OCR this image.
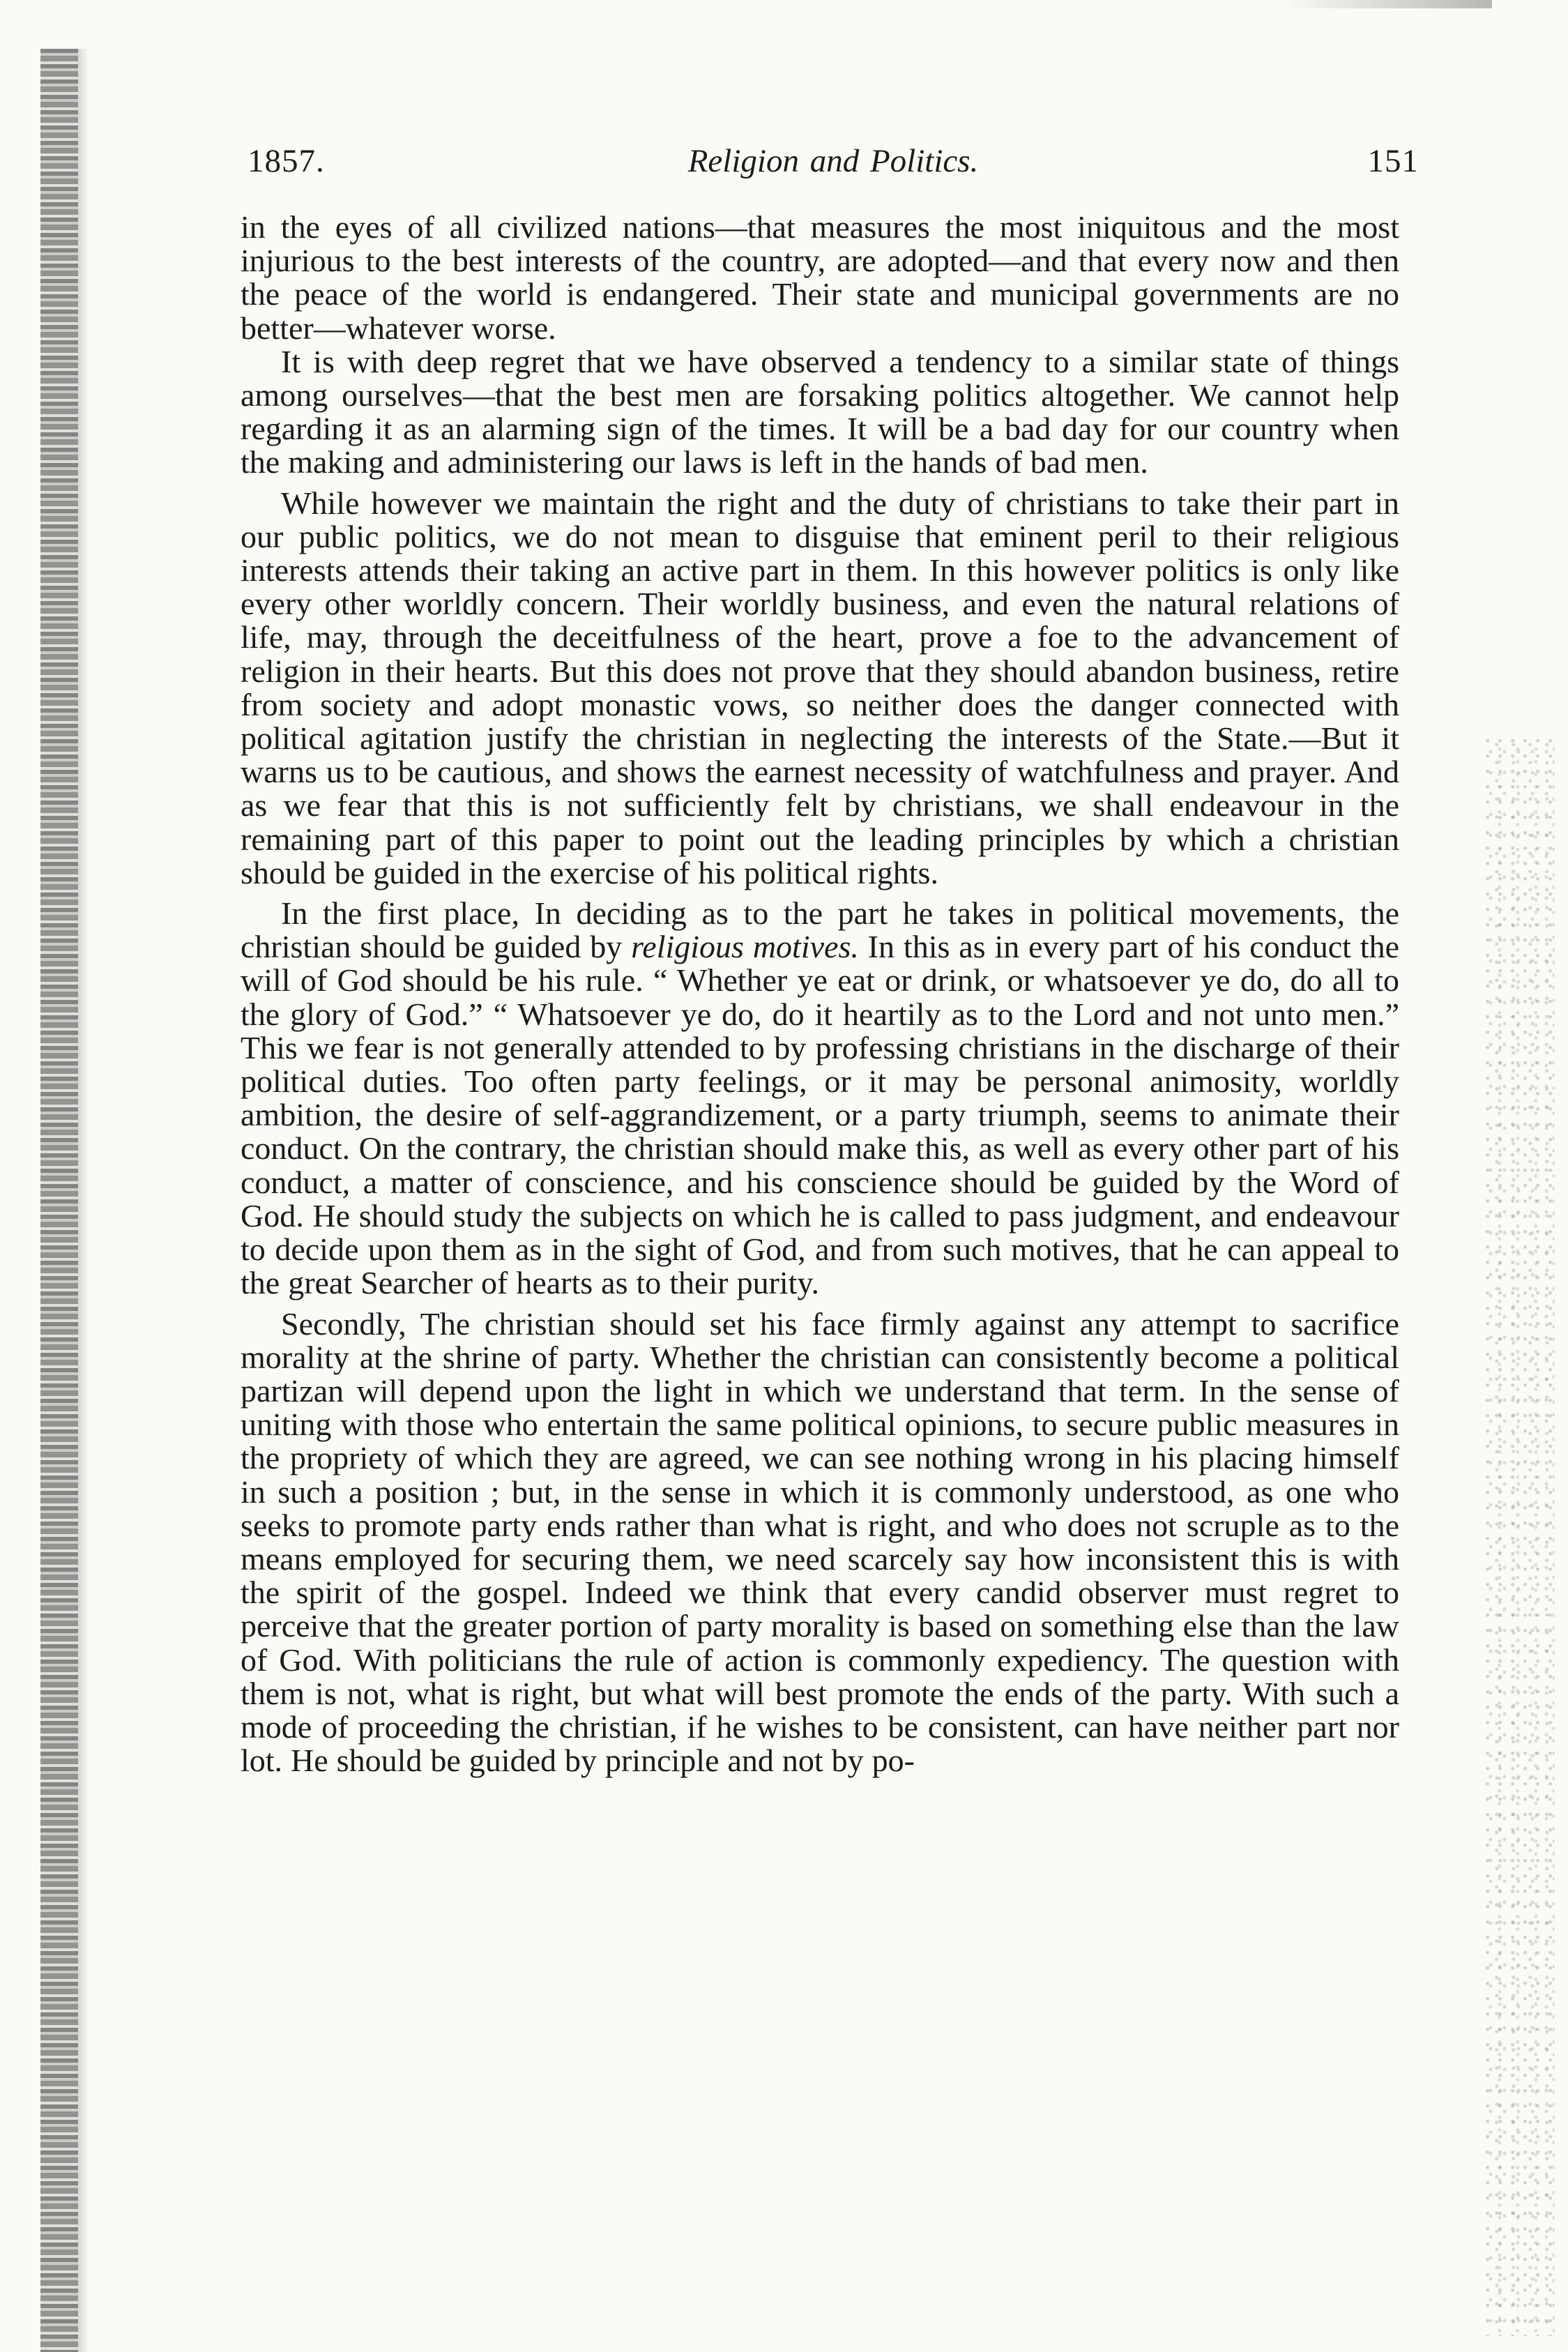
1857.	Religion and Politics.	151

in the eyes of all civilized nations—that measures the most iniquitous and the most injurious to the best interests of the country, are adopted—and that every now and then the peace of the world is endangered. Their state and municipal governments are no better—whatever worse.

It is with deep regret that we have observed a tendency to a similar state of things among ourselves—that the best men are forsaking politics altogether. We cannot help regarding it as an alarming sign of the times. It will be a bad day for our country when the making and administering our laws is left in the hands of bad men.

While however we maintain the right and the duty of christians to take their part in our public politics, we do not mean to disguise that eminent peril to their religious interests attends their taking an active part in them. In this however politics is only like every other worldly concern. Their worldly business, and even the natural relations of life, may, through the deceitfulness of the heart, prove a foe to the advancement of religion in their hearts. But this does not prove that they should abandon business, retire from society and adopt monastic vows, so neither does the danger connected with political agitation justify the christian in neglecting the interests of the State.—But it warns us to be cautious, and shows the earnest necessity of watchfulness and prayer. And as we fear that this is not sufficiently felt by christians, we shall endeavour in the remaining part of this paper to point out the leading principles by which a christian should be guided in the exercise of his political rights.

In the first place, In deciding as to the part he takes in political movements, the christian should be guided by religious motives. In this as in every part of his conduct the will of God should be his rule. “ Whether ye eat or drink, or whatsoever ye do, do all to the glory of God.” “ Whatsoever ye do, do it heartily as to the Lord and not unto men.” This we fear is not generally attended to by professing christians in the discharge of their political duties. Too often party feelings, or it may be personal animosity, worldly ambition, the desire of self-aggrandizement, or a party triumph, seems to animate their conduct. On the contrary, the christian should make this, as well as every other part of his conduct, a matter of conscience, and his conscience should be guided by the Word of God. He should study the subjects on which he is called to pass judgment, and endeavour to decide upon them as in the sight of God, and from such motives, that he can appeal to the great Searcher of hearts as to their purity.

Secondly, The christian should set his face firmly against any attempt to sacrifice morality at the shrine of party. Whether the christian can consistently become a political partizan will depend upon the light in which we understand that term. In the sense of uniting with those who entertain the same political opinions, to secure public measures in the propriety of which they are agreed, we can see nothing wrong in his placing himself in such a position ; but, in the sense in which it is commonly understood, as one who seeks to promote party ends rather than what is right, and who does not scruple as to the means employed for securing them, we need scarcely say how inconsistent this is with the spirit of the gospel. Indeed we think that every candid observer must regret to perceive that the greater portion of party morality is based on something else than the law of God. With politicians the rule of action is commonly expediency. The question with them is not, what is right, but what will best promote the ends of the party. With such a mode of proceeding the christian, if he wishes to be consistent, can have neither part nor lot. He should be guided by principle and not by po-
